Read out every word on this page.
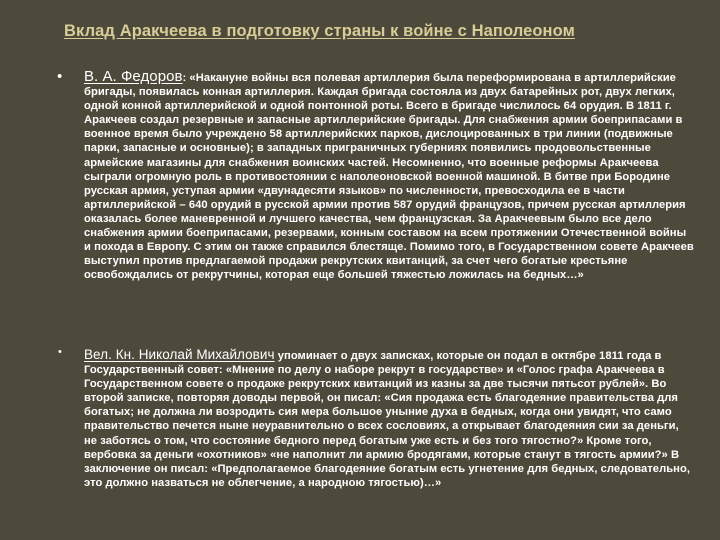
Вклад Аракчеева в подготовку страны к войне с Наполеоном
• В. А. Федоров: «Накануне войны вся полевая артиллерия была переформирована в артиллерийские бригады, появилась конная артиллерия. Каждая бригада состояла из двух батарейных рот, двух легких, одной конной артиллерийской и одной понтонной роты. Всего в бригаде числилось 64 орудия. В 1811 г. Аракчеев создал резервные и запасные артиллерийские бригады. Для снабжения армии боеприпасами в военное время было учреждено 58 артиллерийских парков, дислоцированных в три линии (подвижные парки, запасные и основные); в западных приграничных губерниях появились продовольственные армейские магазины для снабжения воинских частей. Несомненно, что военные реформы Аракчеева сыграли огромную роль в противостоянии с наполеоновской военной машиной. В битве при Бородине русская армия, уступая армии «двунадесяти языков» по численности, превосходила ее в части артиллерийской – 640 орудий в русской армии против 587 орудий французов, причем русская артиллерия оказалась более маневренной и лучшего качества, чем французская. За Аракчеевым было все дело снабжения армии боеприпасами, резервами, конным составом на всем протяжении Отечественной войны и похода в Европу. С этим он также справился блестяще. Помимо того, в Государственном совете Аракчеев выступил против предлагаемой продажи рекрутских квитанций, за счет чего богатые крестьяне освобождались от рекрутчины, которая еще большей тяжестью ложилась на бедных…»
• Вел. Кн. Николай Михайлович упоминает о двух записках, которые он подал в октябре 1811 года в Государственный совет: «Мнение по делу о наборе рекрут в государстве» и «Голос графа Аракчеева в Государственном совете о продаже рекрутских квитанций из казны за две тысячи пятьсот рублей». Во второй записке, повторяя доводы первой, он писал: «Сия продажа есть благодеяние правительства для богатых; не должна ли возродить сия мера большое уныние духа в бедных, когда они увидят, что само правительство печется ныне неуравнительно о всех сословиях, а открывает благодеяния сии за деньги, не заботясь о том, что состояние бедного перед богатым уже есть и без того тягостно?» Кроме того, вербовка за деньги «охотников» «не наполнит ли армию бродягами, которые станут в тягость армии?» В заключение он писал: «Предполагаемое благодеяние богатым есть угнетение для бедных, следовательно, это должно назваться не облегчение, а народною тягостью)…»
